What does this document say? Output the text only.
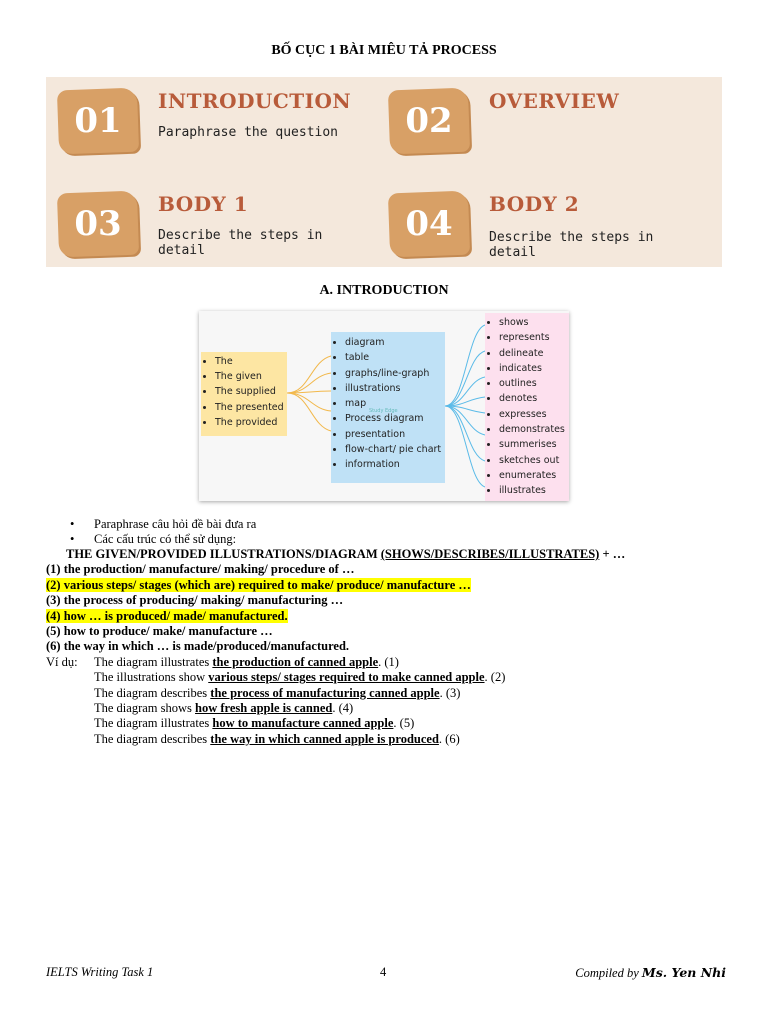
BỐ CỤC 1 BÀI MIÊU TẢ PROCESS
01	INTRODUCTION
Paraphrase the question	02	OVERVIEW
03	BODY 1
Describe the steps in detail
04	BODY 2
Describe the steps in detail
A. INTRODUCTION
• The
• The given
• The supplied
• The presented
• The provided
• diagram
• table
• graphs/line-graph
• illustrations
• map
• Process diagram
• presentation
• flow-chart/ pie chart
• information
Study Edge
• shows
• represents
• delineate
• indicates
• outlines
• denotes
• expresses
• demonstrates
• summerises
• sketches out
• enumerates
• illustrates
• Paraphrase câu hỏi đề bài đưa ra
• Các cấu trúc có thể sử dụng:
THE GIVEN/PROVIDED ILLUSTRATIONS/DIAGRAM (SHOWS/DESCRIBES/ILLUSTRATES) + …
(1) the production/ manufacture/ making/ procedure of …
(2) various steps/ stages (which are) required to make/ produce/ manufacture …
(3) the process of producing/ making/ manufacturing …
(4) how … is produced/ made/ manufactured.
(5) how to produce/ make/ manufacture …
(6) the way in which … is made/produced/manufactured.
Ví dụ: The diagram illustrates the production of canned apple. (1)
The illustrations show various steps/ stages required to make canned apple. (2)
The diagram describes the process of manufacturing canned apple. (3)
The diagram shows how fresh apple is canned. (4)
The diagram illustrates how to manufacture canned apple. (5)
The diagram describes the way in which canned apple is produced. (6)
IELTS Writing Task 1	4	Compiled by Ms. Yen Nhi
